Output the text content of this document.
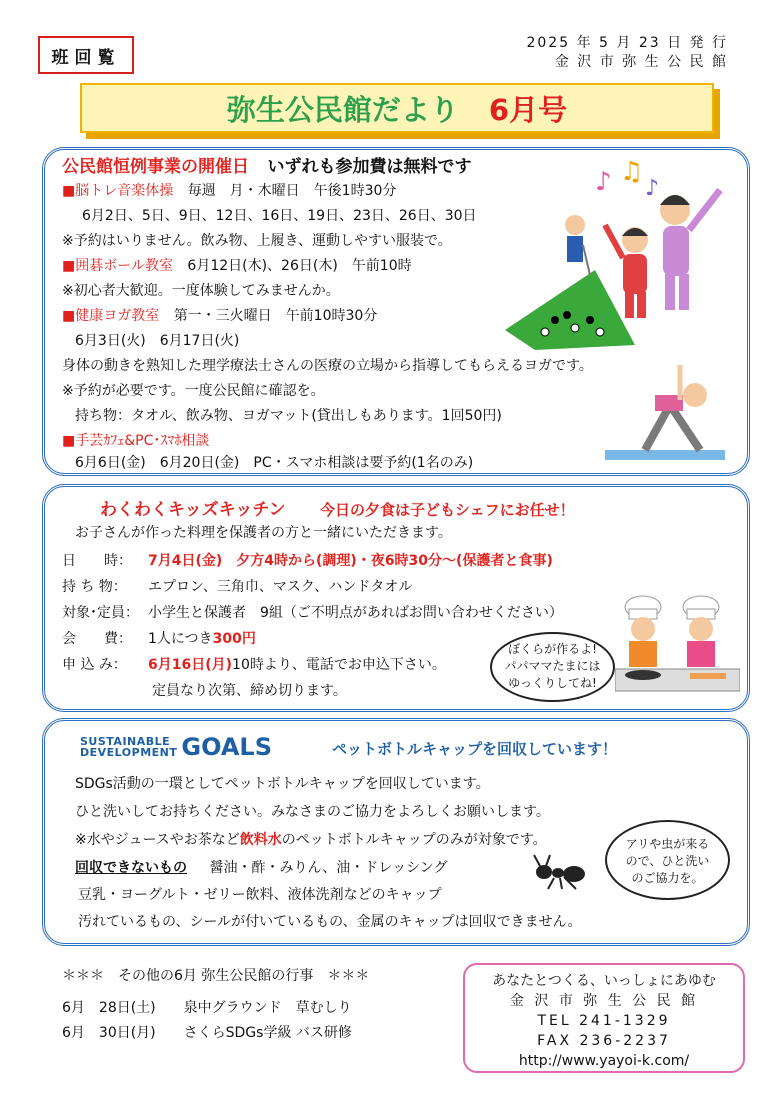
班回覧
2025 年 5 月 23 日 発 行
金 沢 市 弥 生 公 民 館
弥生公民館だより 6月号
公民館恒例事業の開催日 いずれも参加費は無料です
■脳トレ音楽体操 毎週　月・木曜日　午後1時30分
6月2日、5日、9日、12日、16日、19日、23日、26日、30日
※予約はいりません。飲み物、上履き、運動しやすい服装で。
■囲碁ボール教室 6月12日(木)、26日(木)　午前10時
※初心者大歓迎。一度体験してみませんか。
■健康ヨガ教室 第一・三火曜日　午前10時30分
6月3日(火)　6月17日(火)
身体の動きを熟知した理学療法士さんの医療の立場から指導してもらえるヨガです。
※予約が必要です。一度公民館に確認を。
持ち物：タオル、飲み物、ヨガマット(貸出しもあります。1回50円)
■手芸ｶﾌｪ&PC･ｽﾏﾎ相談
6月6日(金)　6月20日(金)　PC・スマホ相談は要予約(1名のみ)
♪ ♫
♪
わくわくキッズキッチン 今日の夕食は子どもシェフにお任せ！
お子さんが作った料理を保護者の方と一緒にいただきます。
日　　時： 7月4日(金)　夕方4時から(調理)・夜6時30分～(保護者と食事)
持 ち 物： エプロン、三角巾、マスク、ハンドタオル
対象･定員： 小学生と保護者　9組（ご不明点があればお問い合わせください）
会　　費： 1人につき300円
申 込 み： 6月16日(月)10時より、電話でお申込下さい。
定員なり次第、締め切ります。
ぼくらが作るよ!
パパママたまには
ゆっくりしてね!
SUSTAINABLE
DEVELOPMENT GOALS	ペットボトルキャップを回収しています！
SDGs活動の一環としてペットボトルキャップを回収しています。
ひと洗いしてお持ちください。みなさまのご協力をよろしくお願いします。
※水やジュースやお茶など飲料水のペットボトルキャップのみが対象です。
回収できないもの 醤油・酢・みりん、油・ドレッシング
豆乳・ヨーグルト・ゼリー飲料、液体洗剤などのキャップ
汚れているもの、シールが付いているもの、金属のキャップは回収できません。
アリや虫が来る
ので、ひと洗い
のご協力を。
＊＊＊　その他の6月 弥生公民館の行事　＊＊＊
6月　28日(土)　　泉中グラウンド　草むしり
6月　30日(月)　　さくらSDGs学級 バス研修
あなたとつくる、いっしょにあゆむ
金 沢 市 弥 生 公 民 館
TEL 241-1329
FAX 236-2237
http://www.yayoi-k.com/
